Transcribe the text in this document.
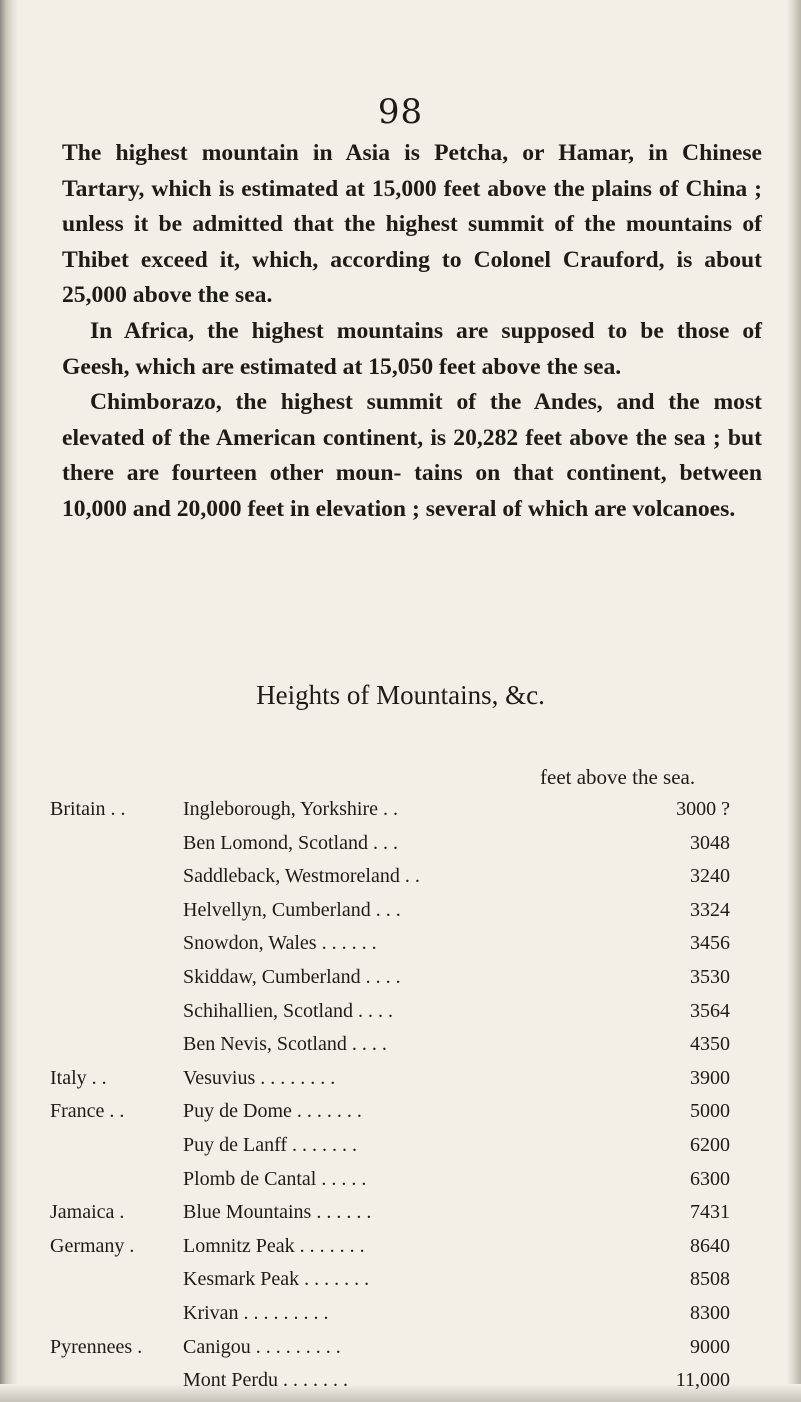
98

The highest mountain in Asia is Petcha, or Hamar, in Chinese Tartary, which is estimated at 15,000 feet above the plains of China ; unless it be admitted that the highest summit of the mountains of Thibet exceed it, which, according to Colonel Crauford, is about 25,000 above the sea.

In Africa, the highest mountains are supposed to be those of Geesh, which are estimated at 15,050 feet above the sea.

Chimborazo, the highest summit of the Andes, and the most elevated of the American continent, is 20,282 feet above the sea ; but there are fourteen other moun- tains on that continent, between 10,000 and 20,000 feet in elevation ; several of which are volcanoes.

Heights of Mountains, &c.
feet above the sea.
Britain . .	Ingleborough, Yorkshire . .	3000 ?
Ben Lomond, Scotland . . .	3048
Saddleback, Westmoreland . .	3240
Helvellyn, Cumberland . . .	3324
Snowdon, Wales . . . . . .	3456
Skiddaw, Cumberland . . . .	3530
Schihallien, Scotland . . . .	3564
Ben Nevis, Scotland . . . .	4350
Italy . .	Vesuvius . . . . . . . .	3900
France . .	Puy de Dome . . . . . . .	5000
Puy de Lanff . . . . . . .	6200
Plomb de Cantal . . . . .	6300
Jamaica .	Blue Mountains . . . . . .	7431
Germany .	Lomnitz Peak . . . . . . .	8640
Kesmark Peak . . . . . . .	8508
Krivan . . . . . . . . .	8300
Pyrennees .	Canigou . . . . . . . . .	9000
Mont Perdu . . . . . . .	11,000
